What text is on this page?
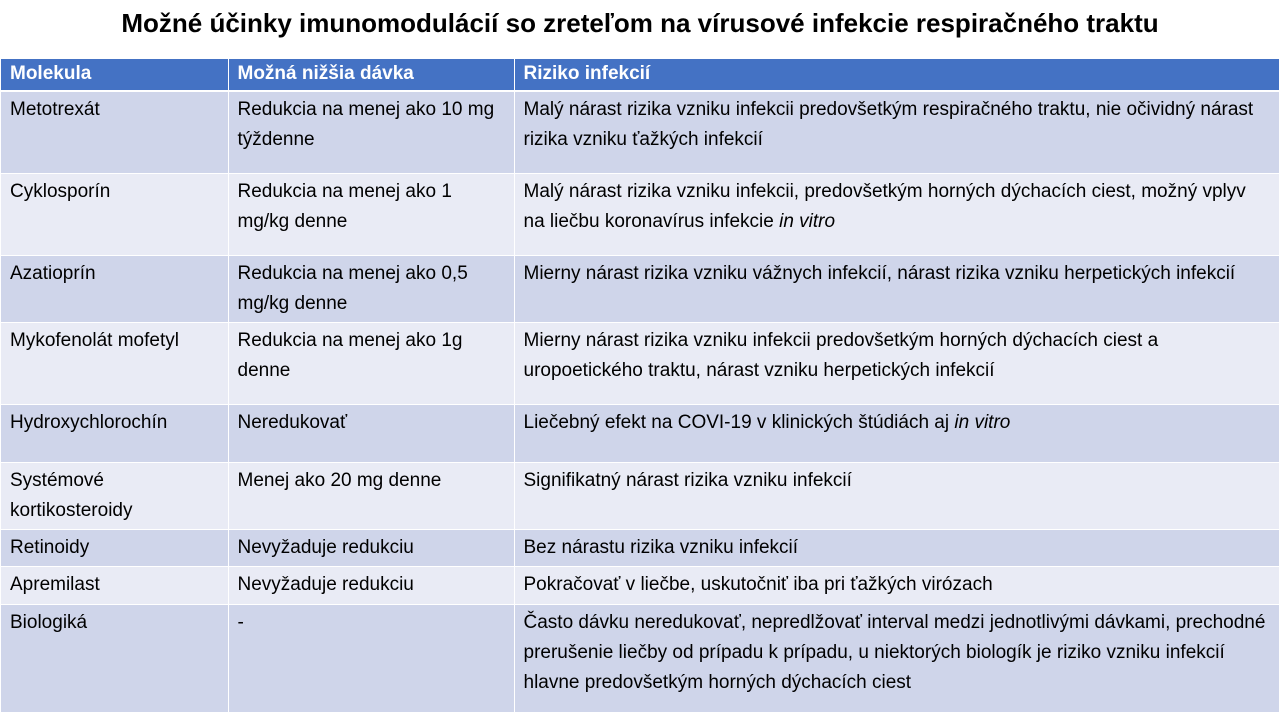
Možné účinky imunomodulácií so zreteľom na vírusové infekcie respiračného traktu
Molekula	Možná nižšia dávka	Riziko infekcií
Metotrexát	Redukcia na menej ako 10 mg týždenne	Malý nárast rizika vzniku infekcii predovšetkým respiračného traktu, nie očividný nárast rizika vzniku ťažkých infekcií
Cyklosporín	Redukcia na menej ako 1 mg/kg denne	Malý nárast rizika vzniku infekcii, predovšetkým horných dýchacích ciest, možný vplyv na liečbu koronavírus infekcie in vitro
Azatioprín	Redukcia na menej ako 0,5 mg/kg denne	Mierny nárast rizika vzniku vážnych infekcií, nárast rizika vzniku herpetických infekcií
Mykofenolát mofetyl	Redukcia na menej ako 1g denne	Mierny nárast rizika vzniku infekcii predovšetkým horných dýchacích ciest a uropoetického traktu, nárast vzniku herpetických infekcií
Hydroxychlorochín	Neredukovať	Liečebný efekt na COVI-19 v klinických štúdiách aj in vitro
Systémové kortikosteroidy	Menej ako 20 mg denne	Signifikatný nárast rizika vzniku infekcií
Retinoidy	Nevyžaduje redukciu	Bez nárastu rizika vzniku infekcií
Apremilast	Nevyžaduje redukciu	Pokračovať v liečbe, uskutočniť iba pri ťažkých virózach
Biologiká	-	Často dávku neredukovať, nepredlžovať interval medzi jednotlivými dávkami, prechodné prerušenie liečby od prípadu k prípadu, u niektorých biologík je riziko vzniku infekcií hlavne predovšetkým horných dýchacích ciest
